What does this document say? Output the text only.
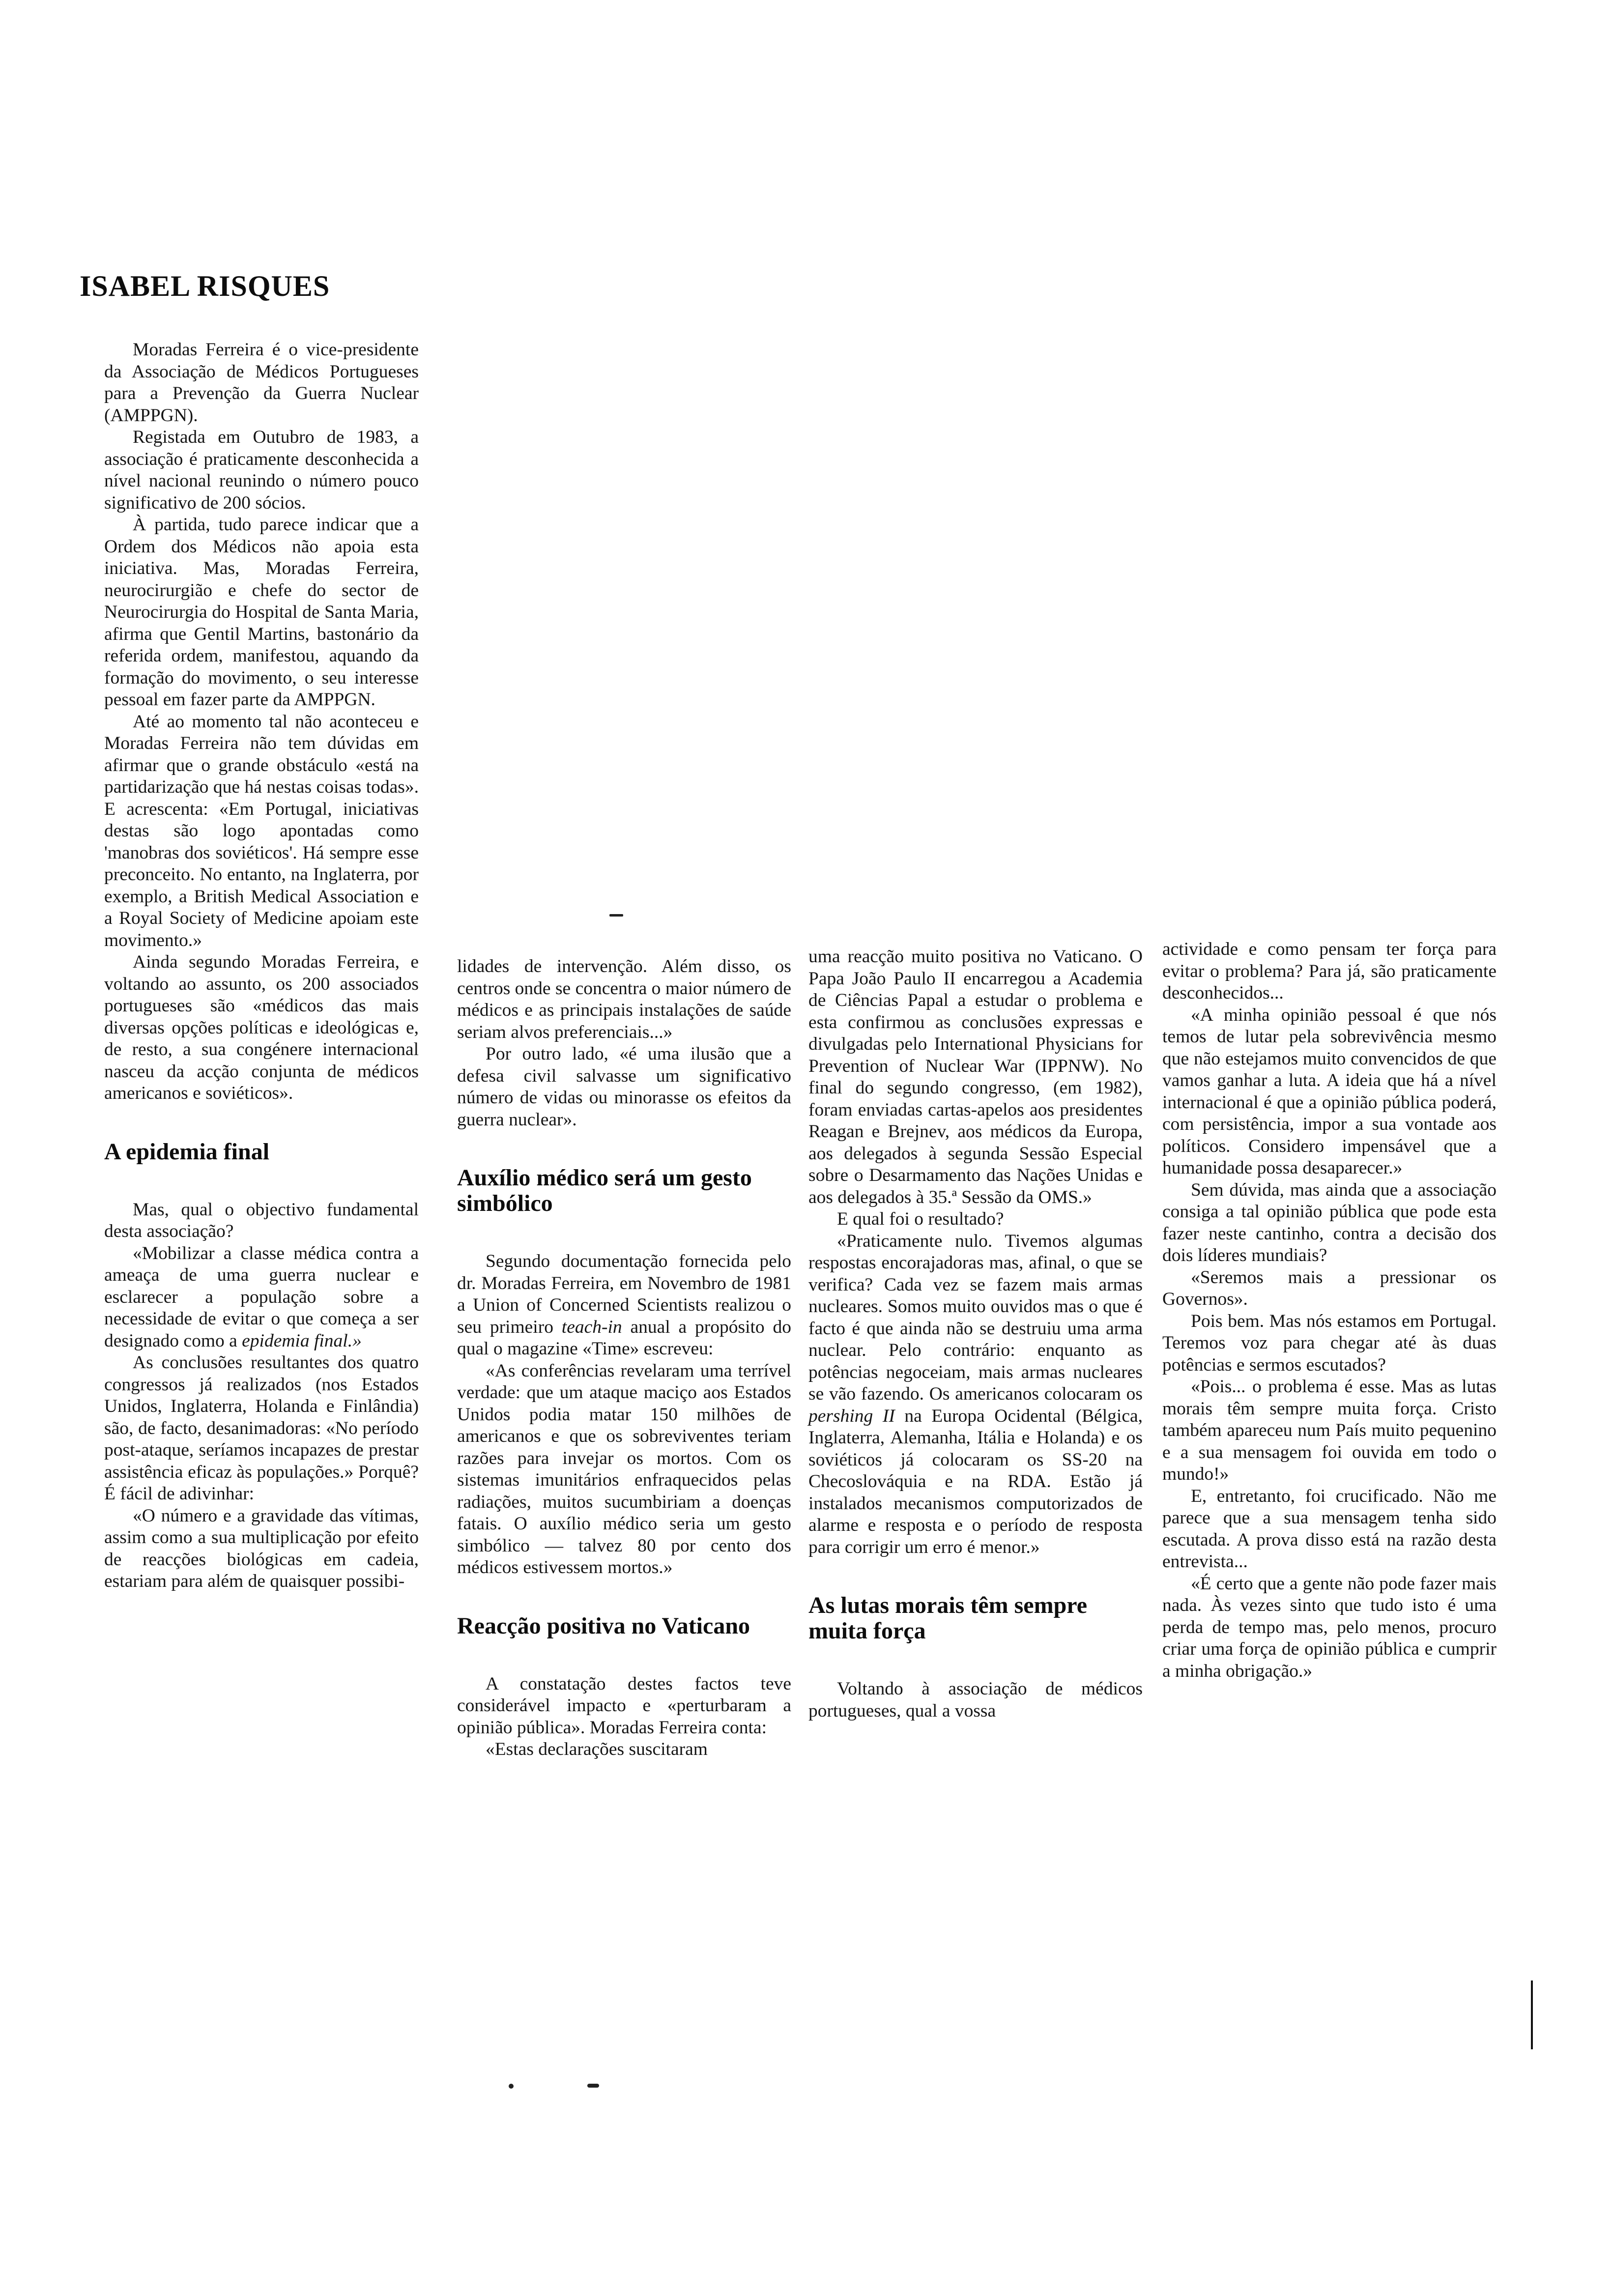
ISABEL RISQUES

Moradas Ferreira é o vice-presidente da Associação de Médicos Portugueses para a Prevenção da Guerra Nuclear (AMPPGN).

Registada em Outubro de 1983, a associação é praticamente desconhecida a nível nacional reunindo o número pouco significativo de 200 sócios.

À partida, tudo parece indicar que a Ordem dos Médicos não apoia esta iniciativa. Mas, Moradas Ferreira, neurocirurgião e chefe do sector de Neurocirurgia do Hospital de Santa Maria, afirma que Gentil Martins, bastonário da referida ordem, manifestou, aquando da formação do movimento, o seu interesse pessoal em fazer parte da AMPPGN.

Até ao momento tal não aconteceu e Moradas Ferreira não tem dúvidas em afirmar que o grande obstáculo «está na partidarização que há nestas coisas todas». E acrescenta: «Em Portugal, iniciativas destas são logo apontadas como 'manobras dos soviéticos'. Há sempre esse preconceito. No entanto, na Inglaterra, por exemplo, a British Medical Association e a Royal Society of Medicine apoiam este movimento.»

Ainda segundo Moradas Ferreira, e voltando ao assunto, os 200 associados portugueses são «médicos das mais diversas opções políticas e ideológicas e, de resto, a sua congénere internacional nasceu da acção conjunta de médicos americanos e soviéticos».

A epidemia final

Mas, qual o objectivo fundamental desta associação?

«Mobilizar a classe médica contra a ameaça de uma guerra nuclear e esclarecer a população sobre a necessidade de evitar o que começa a ser designado como a epidemia final.»

As conclusões resultantes dos quatro congressos já realizados (nos Estados Unidos, Inglaterra, Holanda e Finlândia) são, de facto, desanimadoras: «No período post-ataque, seríamos incapazes de prestar assistência eficaz às populações.» Porquê? É fácil de adivinhar:

«O número e a gravidade das vítimas, assim como a sua multiplicação por efeito de reacções biológicas em cadeia, estariam para além de quaisquer possibi-

lidades de intervenção. Além disso, os centros onde se concentra o maior número de médicos e as principais instalações de saúde seriam alvos preferenciais...»

Por outro lado, «é uma ilusão que a defesa civil salvasse um significativo número de vidas ou minorasse os efeitos da guerra nuclear».

Auxílio médico será um gesto simbólico

Segundo documentação fornecida pelo dr. Moradas Ferreira, em Novembro de 1981 a Union of Concerned Scientists realizou o seu primeiro teach-in anual a propósito do qual o magazine «Time» escreveu:

«As conferências revelaram uma terrível verdade: que um ataque maciço aos Estados Unidos podia matar 150 milhões de americanos e que os sobreviventes teriam razões para invejar os mortos. Com os sistemas imunitários enfraquecidos pelas radiações, muitos sucumbiriam a doenças fatais. O auxílio médico seria um gesto simbólico — talvez 80 por cento dos médicos estivessem mortos.»

Reacção positiva no Vaticano

A constatação destes factos teve considerável impacto e «perturbaram a opinião pública». Moradas Ferreira conta:

«Estas declarações suscitaram

uma reacção muito positiva no Vaticano. O Papa João Paulo II encarregou a Academia de Ciências Papal a estudar o problema e esta confirmou as conclusões expressas e divulgadas pelo International Physicians for Prevention of Nuclear War (IPPNW). No final do segundo congresso, (em 1982), foram enviadas cartas-apelos aos presidentes Reagan e Brejnev, aos médicos da Europa, aos delegados à segunda Sessão Especial sobre o Desarmamento das Nações Unidas e aos delegados à 35.ª Sessão da OMS.»

E qual foi o resultado?

«Praticamente nulo. Tivemos algumas respostas encorajadoras mas, afinal, o que se verifica? Cada vez se fazem mais armas nucleares. Somos muito ouvidos mas o que é facto é que ainda não se destruiu uma arma nuclear. Pelo contrário: enquanto as potências negoceiam, mais armas nucleares se vão fazendo. Os americanos colocaram os pershing II na Europa Ocidental (Bélgica, Inglaterra, Alemanha, Itália e Holanda) e os soviéticos já colocaram os SS-20 na Checoslováquia e na RDA. Estão já instalados mecanismos computorizados de alarme e resposta e o período de resposta para corrigir um erro é menor.»

As lutas morais têm sempre muita força

Voltando à associação de médicos portugueses, qual a vossa

actividade e como pensam ter força para evitar o problema? Para já, são praticamente desconhecidos...

«A minha opinião pessoal é que nós temos de lutar pela sobrevivência mesmo que não estejamos muito convencidos de que vamos ganhar a luta. A ideia que há a nível internacional é que a opinião pública poderá, com persistência, impor a sua vontade aos políticos. Considero impensável que a humanidade possa desaparecer.»

Sem dúvida, mas ainda que a associação consiga a tal opinião pública que pode esta fazer neste cantinho, contra a decisão dos dois líderes mundiais?

«Seremos mais a pressionar os Governos».

Pois bem. Mas nós estamos em Portugal. Teremos voz para chegar até às duas potências e sermos escutados?

«Pois... o problema é esse. Mas as lutas morais têm sempre muita força. Cristo também apareceu num País muito pequenino e a sua mensagem foi ouvida em todo o mundo!»

E, entretanto, foi crucificado. Não me parece que a sua mensagem tenha sido escutada. A prova disso está na razão desta entrevista...

«É certo que a gente não pode fazer mais nada. Às vezes sinto que tudo isto é uma perda de tempo mas, pelo menos, procuro criar uma força de opinião pública e cumprir a minha obrigação.»
